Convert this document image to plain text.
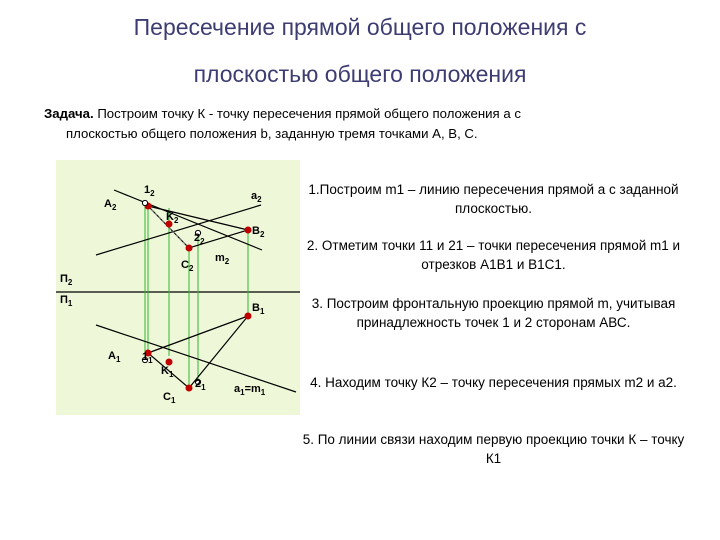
Пересечение прямой общего положения с
плоскостью общего положения
Задача. Построим точку К - точку пересечения прямой общего положения а с
плоскостью общего положения b, заданную тремя точками А, В, С.
$A_2$
$1_2$	$a_2$
$K_2$
$2_2$
$B_2$
$m_2$
$C_2$
$П_2$
$П_1$	$B_1$
$A_1$ $1_1$
$K_1$
$2_1$
$C_1$
$a_1=m_1$
1.Построим m1 – линию пересечения прямой а с заданной плоскостью.
2. Отметим точки 11 и 21 – точки пересечения прямой m1 и отрезков А1В1 и В1С1.
3. Построим фронтальную проекцию прямой m, учитывая принадлежность точек 1 и 2 сторонам АВС.
4. Находим точку К2 – точку пересечения прямых m2 и a2.
5. По линии связи находим первую проекцию точки К – точку К1
